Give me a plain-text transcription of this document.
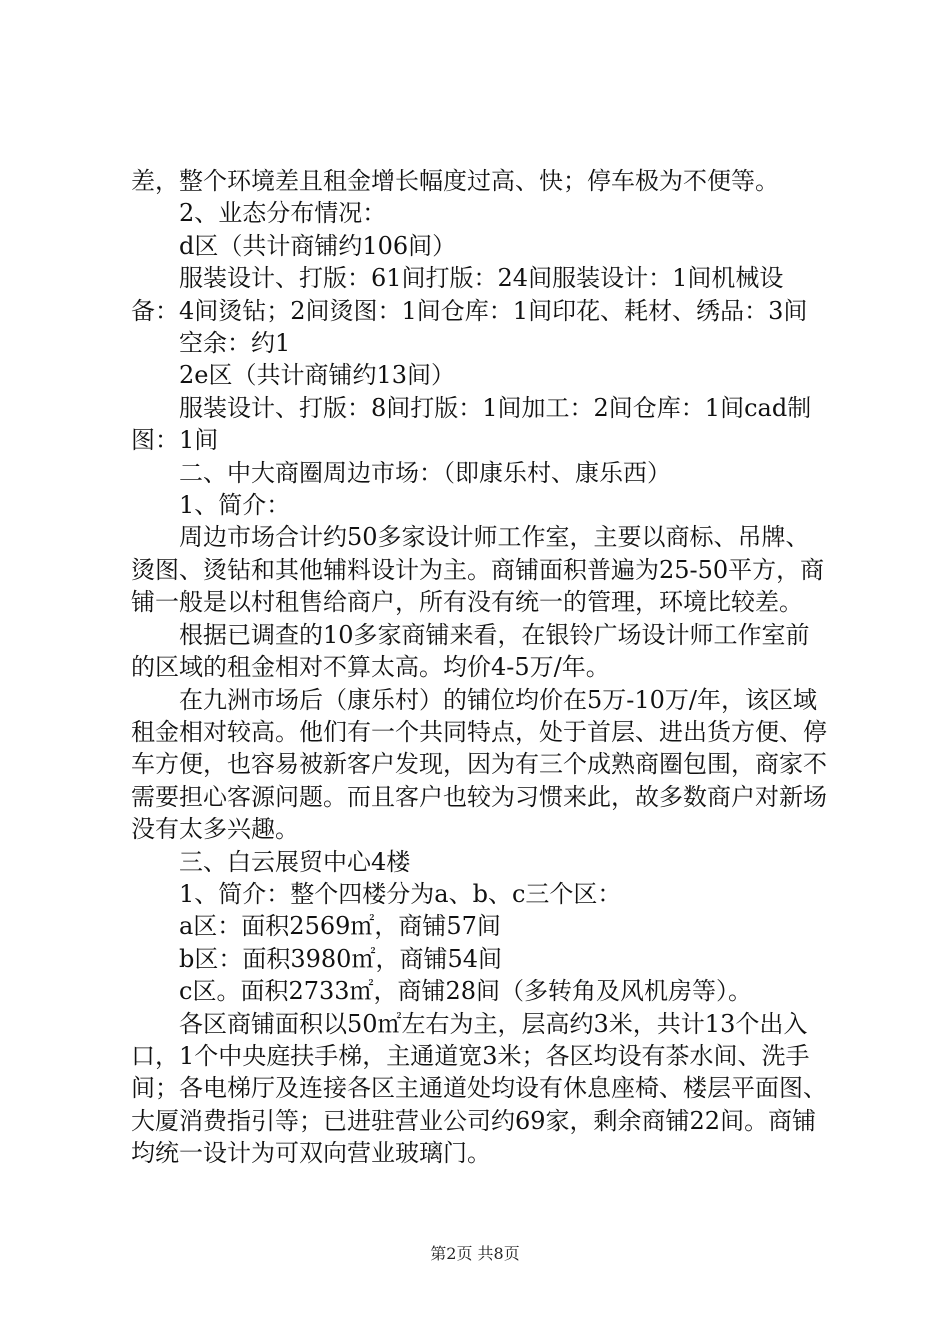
差，整个环境差且租金增长幅度过高、快；停车极为不便等。

2、业态分布情况：

d区（共计商铺约106间）

服装设计、打版：61间打版：24间服装设计：1间机械设备：4间烫钻；2间烫图：1间仓库：1间印花、耗材、绣品：3间

空余：约1

2e区（共计商铺约13间）

服装设计、打版：8间打版：1间加工：2间仓库：1间cad制图：1间

二、中大商圈周边市场：（即康乐村、康乐西）

1、简介：

周边市场合计约50多家设计师工作室，主要以商标、吊牌、烫图、烫钻和其他辅料设计为主。商铺面积普遍为25-50平方，商铺一般是以村租售给商户，所有没有统一的管理，环境比较差。

根据已调查的10多家商铺来看，在银铃广场设计师工作室前的区域的租金相对不算太高。均价4-5万/年。

在九洲市场后（康乐村）的铺位均价在5万-10万/年，该区域租金相对较高。他们有一个共同特点，处于首层、进出货方便、停车方便，也容易被新客户发现，因为有三个成熟商圈包围，商家不需要担心客源问题。而且客户也较为习惯来此，故多数商户对新场没有太多兴趣。

三、白云展贸中心4楼

1、简介：整个四楼分为a、b、c三个区：

a区：面积2569㎡，商铺57间

b区：面积3980㎡，商铺54间

c区。面积2733㎡，商铺28间（多转角及风机房等）。

各区商铺面积以50㎡左右为主，层高约3米，共计13个出入口，1个中央庭扶手梯，主通道宽3米；各区均设有茶水间、洗手间；各电梯厅及连接各区主通道处均设有休息座椅、楼层平面图、大厦消费指引等；已进驻营业公司约69家，剩余商铺22间。商铺均统一设计为可双向营业玻璃门。

第2页 共8页
